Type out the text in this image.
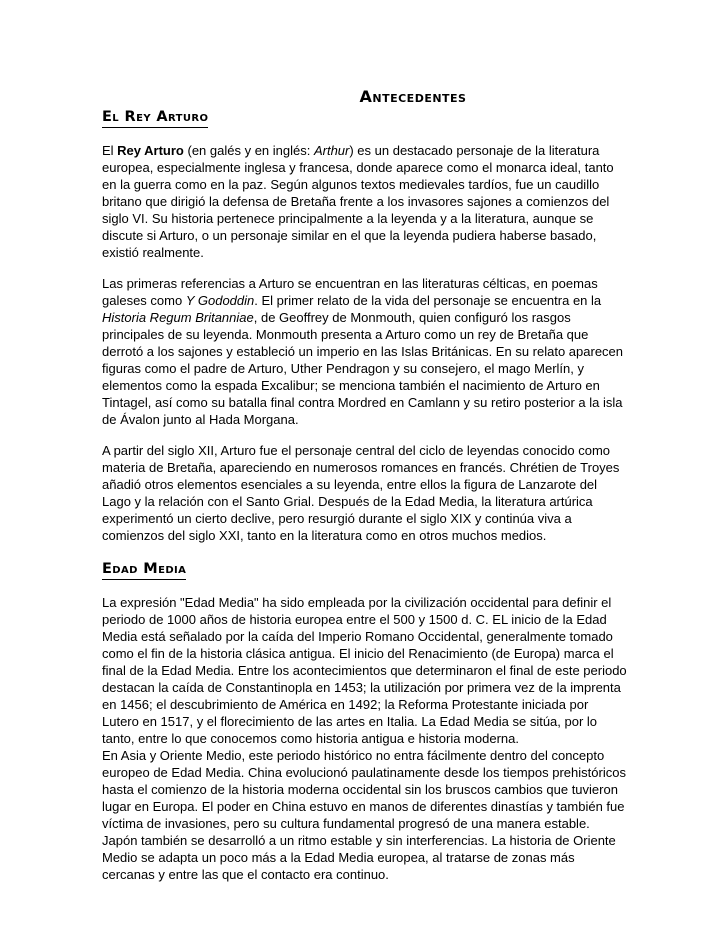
Antecedentes
El Rey Arturo

El Rey Arturo (en galés y en inglés: Arthur) es un destacado personaje de la literatura europea, especialmente inglesa y francesa, donde aparece como el monarca ideal, tanto en la guerra como en la paz. Según algunos textos medievales tardíos, fue un caudillo britano que dirigió la defensa de Bretaña frente a los invasores sajones a comienzos del siglo VI. Su historia pertenece principalmente a la leyenda y a la literatura, aunque se discute si Arturo, o un personaje similar en el que la leyenda pudiera haberse basado, existió realmente.

Las primeras referencias a Arturo se encuentran en las literaturas célticas, en poemas galeses como Y Gododdin. El primer relato de la vida del personaje se encuentra en la Historia Regum Britanniae, de Geoffrey de Monmouth, quien configuró los rasgos principales de su leyenda. Monmouth presenta a Arturo como un rey de Bretaña que derrotó a los sajones y estableció un imperio en las Islas Británicas. En su relato aparecen figuras como el padre de Arturo, Uther Pendragon y su consejero, el mago Merlín, y elementos como la espada Excalibur; se menciona también el nacimiento de Arturo en Tintagel, así como su batalla final contra Mordred en Camlann y su retiro posterior a la isla de Ávalon junto al Hada Morgana.

A partir del siglo XII, Arturo fue el personaje central del ciclo de leyendas conocido como materia de Bretaña, apareciendo en numerosos romances en francés. Chrétien de Troyes añadió otros elementos esenciales a su leyenda, entre ellos la figura de Lanzarote del Lago y la relación con el Santo Grial. Después de la Edad Media, la literatura artúrica experimentó un cierto declive, pero resurgió durante el siglo XIX y continúa viva a comienzos del siglo XXI, tanto en la literatura como en otros muchos medios.

Edad Media

La expresión "Edad Media" ha sido empleada por la civilización occidental para definir el periodo de 1000 años de historia europea entre el 500 y 1500 d. C. EL inicio de la Edad Media está señalado por la caída del Imperio Romano Occidental, generalmente tomado como el fin de la historia clásica antigua. El inicio del Renacimiento (de Europa) marca el final de la Edad Media. Entre los acontecimientos que determinaron el final de este periodo destacan la caída de Constantinopla en 1453; la utilización por primera vez de la imprenta en 1456; el descubrimiento de América en 1492; la Reforma Protestante iniciada por Lutero en 1517, y el florecimiento de las artes en Italia. La Edad Media se sitúa, por lo tanto, entre lo que conocemos como historia antigua e historia moderna.

En Asia y Oriente Medio, este periodo histórico no entra fácilmente dentro del concepto europeo de Edad Media. China evolucionó paulatinamente desde los tiempos prehistóricos hasta el comienzo de la historia moderna occidental sin los bruscos cambios que tuvieron lugar en Europa. El poder en China estuvo en manos de diferentes dinastías y también fue víctima de invasiones, pero su cultura fundamental progresó de una manera estable. Japón también se desarrolló a un ritmo estable y sin interferencias. La historia de Oriente Medio se adapta un poco más a la Edad Media europea, al tratarse de zonas más cercanas y entre las que el contacto era continuo.
